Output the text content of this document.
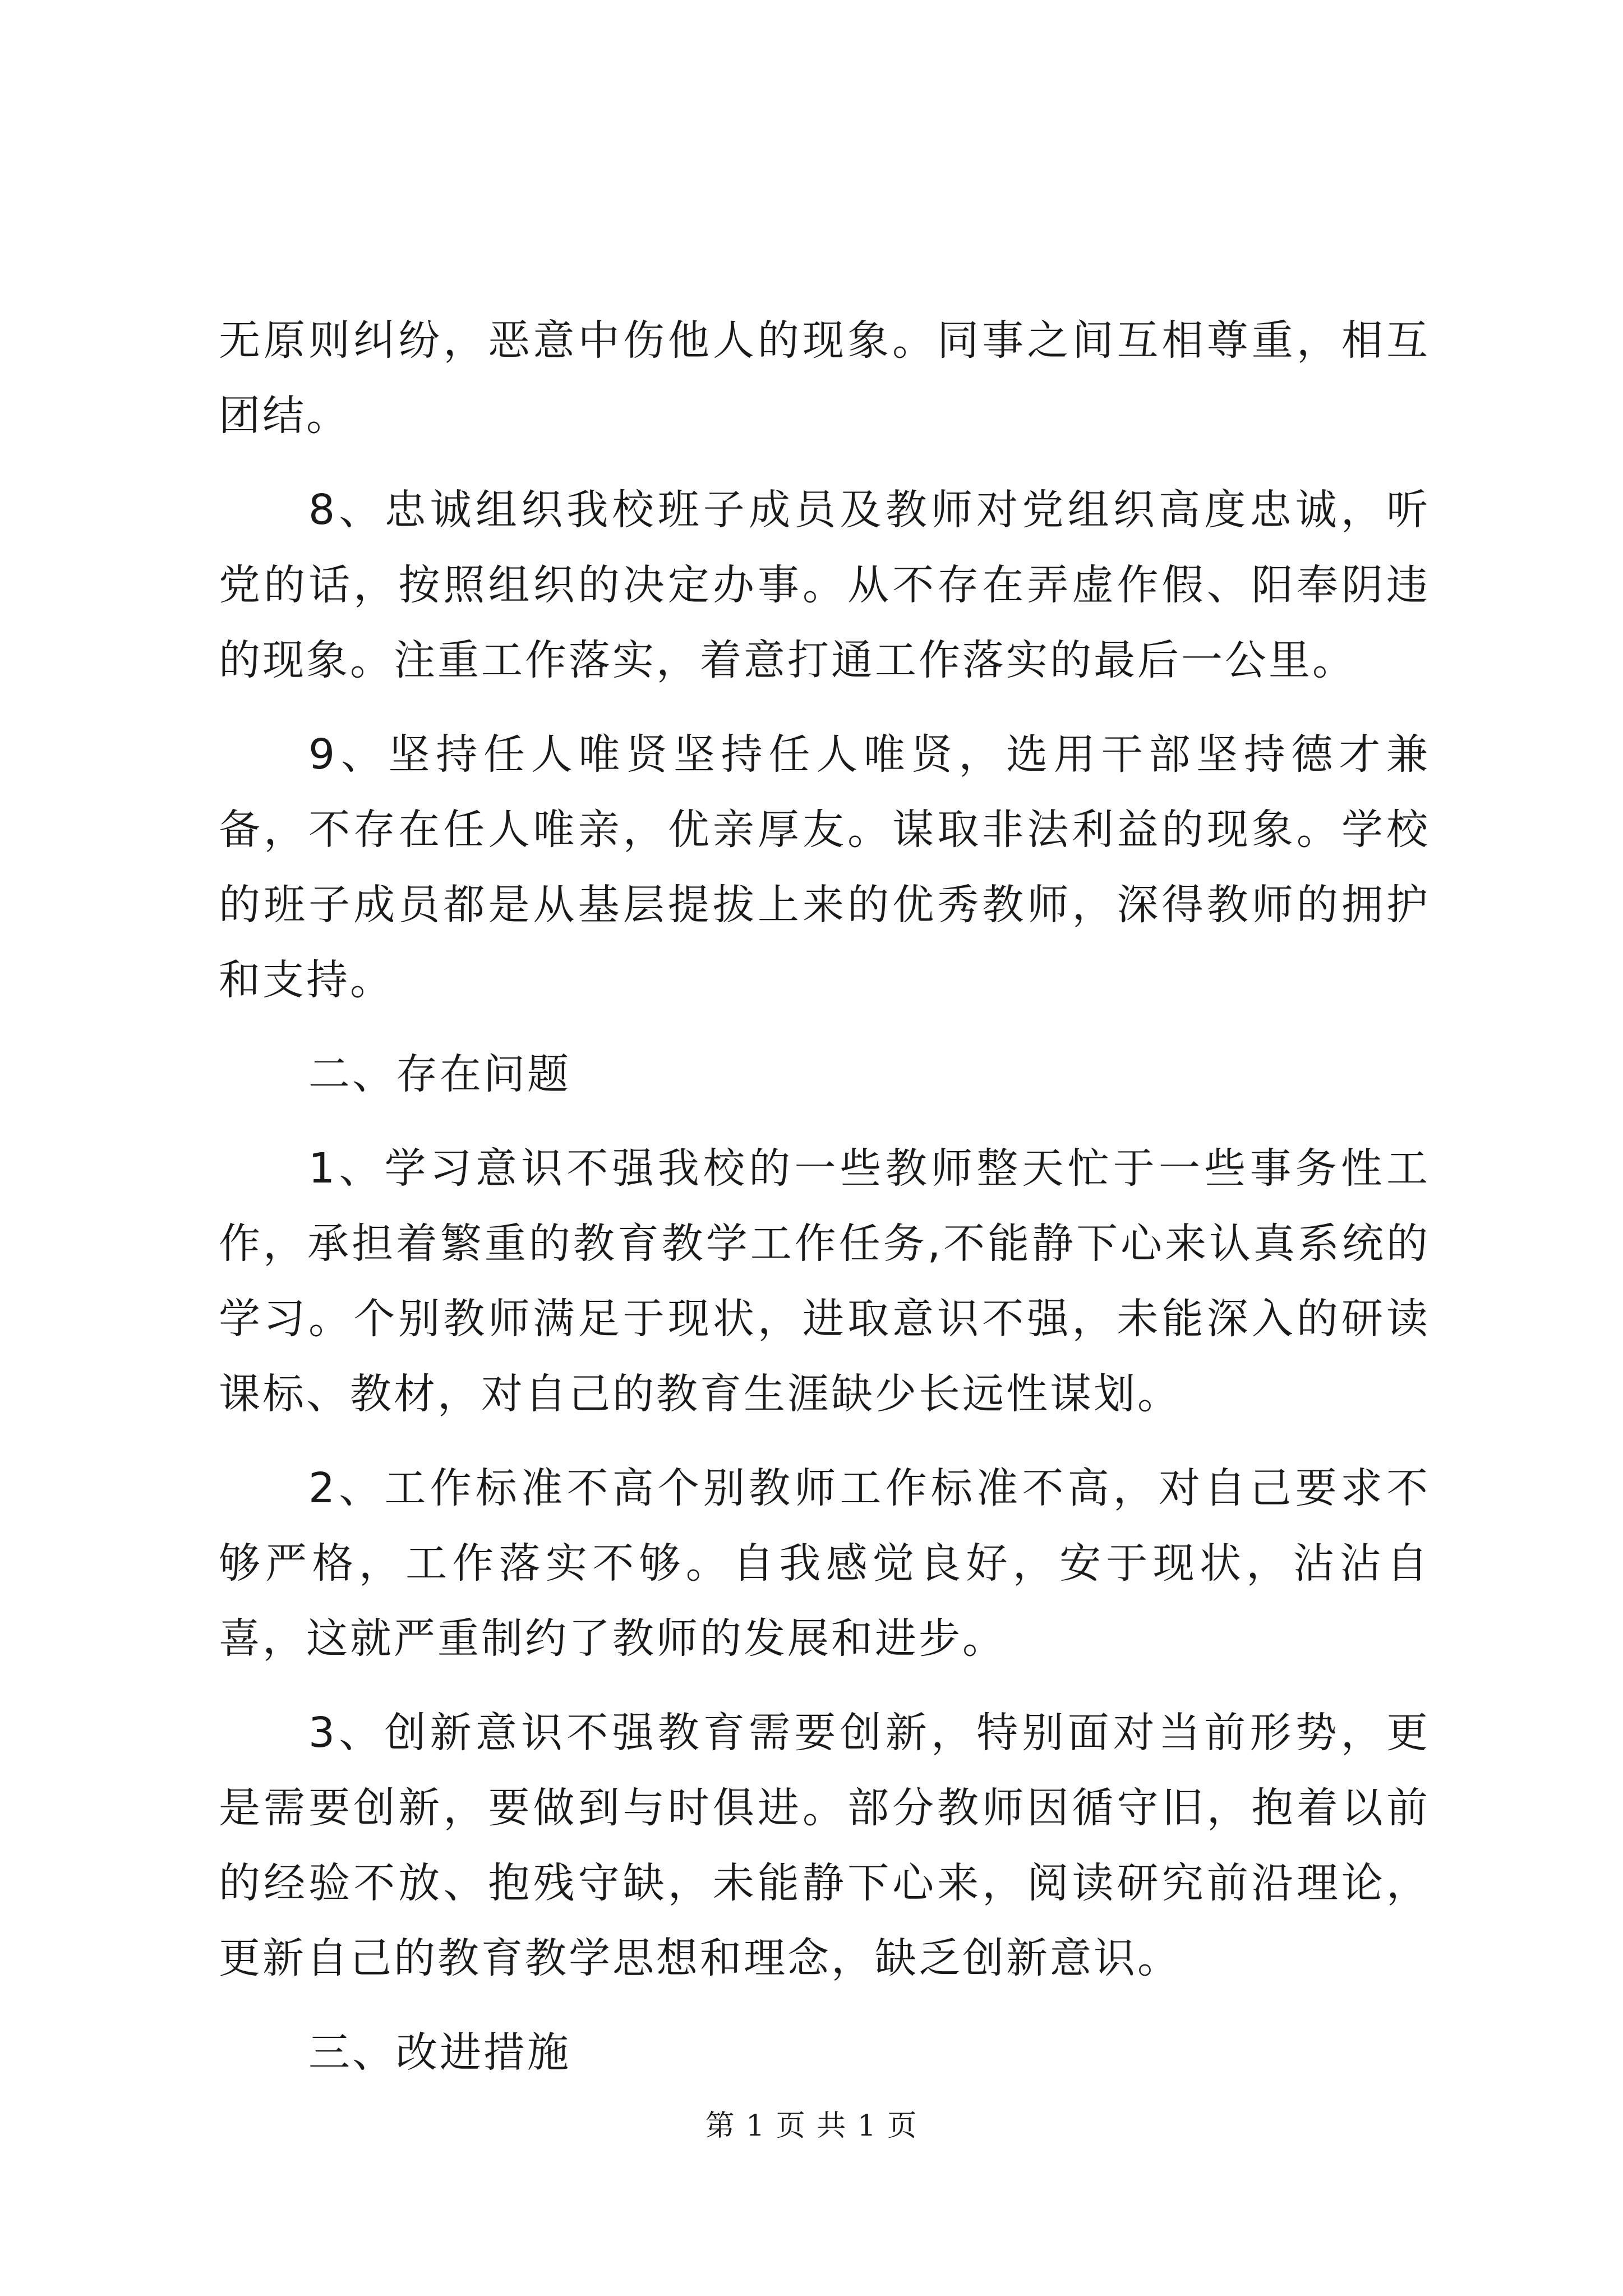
无原则纠纷，恶意中伤他人的现象。同事之间互相尊重，相互团结。

8、忠诚组织我校班子成员及教师对党组织高度忠诚，听党的话，按照组织的决定办事。从不存在弄虚作假、阳奉阴违的现象。注重工作落实，着意打通工作落实的最后一公里。

9、坚持任人唯贤坚持任人唯贤，选用干部坚持德才兼备，不存在任人唯亲，优亲厚友。谋取非法利益的现象。学校的班子成员都是从基层提拔上来的优秀教师，深得教师的拥护和支持。

二、存在问题

1、学习意识不强我校的一些教师整天忙于一些事务性工作，承担着繁重的教育教学工作任务,不能静下心来认真系统的学习。个别教师满足于现状，进取意识不强，未能深入的研读课标、教材，对自己的教育生涯缺少长远性谋划。

2、工作标准不高个别教师工作标准不高，对自己要求不够严格，工作落实不够。自我感觉良好，安于现状，沾沾自喜，这就严重制约了教师的发展和进步。

3、创新意识不强教育需要创新，特别面对当前形势，更是需要创新，要做到与时俱进。部分教师因循守旧，抱着以前的经验不放、抱残守缺，未能静下心来，阅读研究前沿理论，更新自己的教育教学思想和理念，缺乏创新意识。

三、改进措施

第 1 页 共 1 页
